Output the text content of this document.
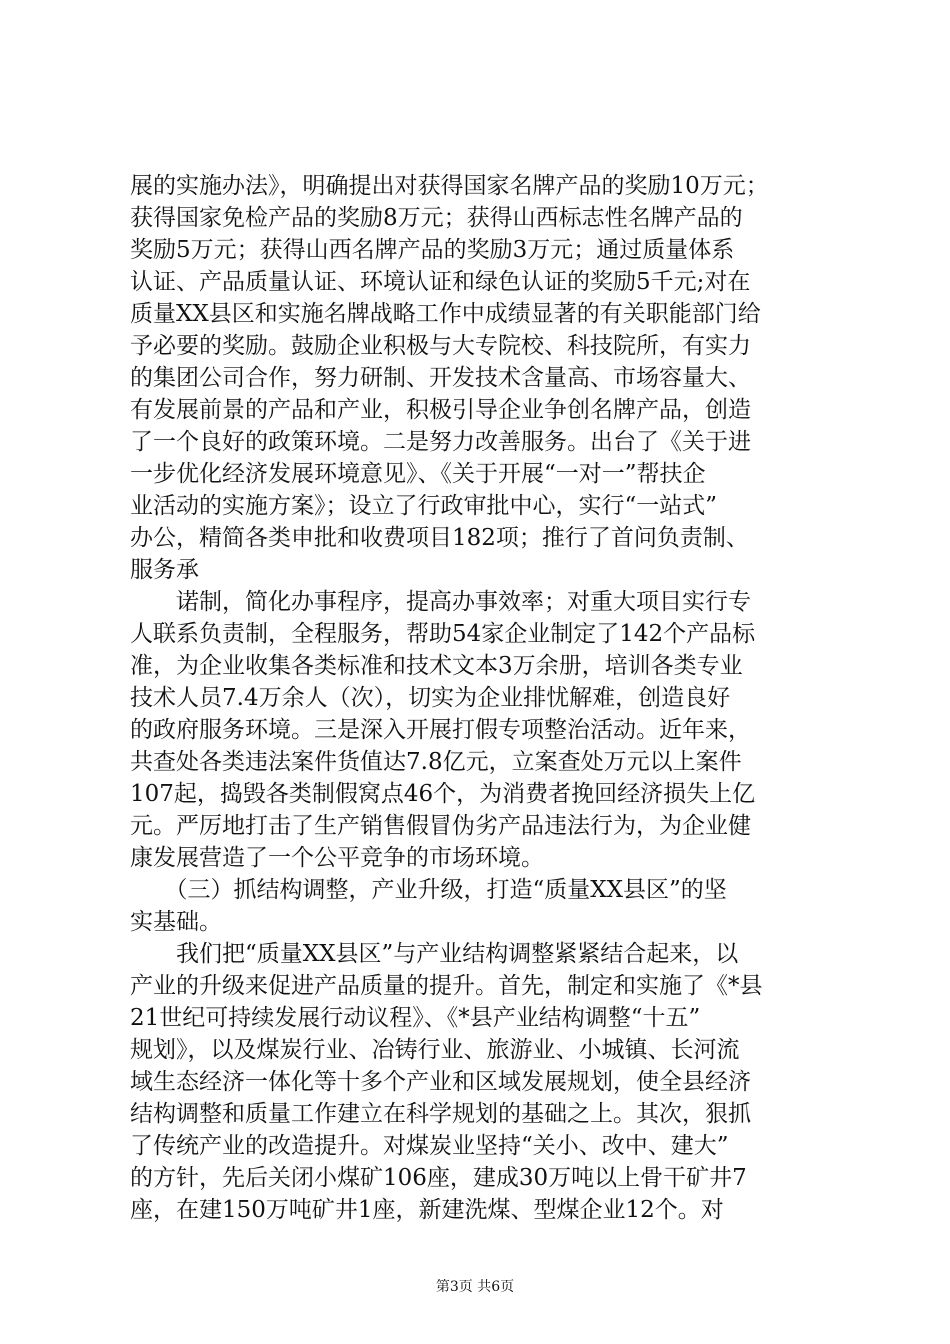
展的实施办法》，明确提出对获得国家名牌产品的奖励10万元；
获得国家免检产品的奖励8万元；获得山西标志性名牌产品的
奖励5万元；获得山西名牌产品的奖励3万元；通过质量体系
认证、产品质量认证、环境认证和绿色认证的奖励5千元;对在
质量XX县区和实施名牌战略工作中成绩显著的有关职能部门给
予必要的奖励。鼓励企业积极与大专院校、科技院所，有实力
的集团公司合作，努力研制、开发技术含量高、市场容量大、
有发展前景的产品和产业，积极引导企业争创名牌产品，创造
了一个良好的政策环境。二是努力改善服务。出台了《关于进
一步优化经济发展环境意见》、《关于开展“一对一”帮扶企
业活动的实施方案》；设立了行政审批中心，实行“一站式”
办公，精简各类申批和收费项目182项；推行了首问负责制、
服务承
　　诺制，简化办事程序，提高办事效率；对重大项目实行专
人联系负责制，全程服务，帮助54家企业制定了142个产品标
准，为企业收集各类标准和技术文本3万余册，培训各类专业
技术人员7.4万余人（次），切实为企业排忧解难，创造良好
的政府服务环境。三是深入开展打假专项整治活动。近年来，
共查处各类违法案件货值达7.8亿元，立案查处万元以上案件
107起，捣毁各类制假窝点46个，为消费者挽回经济损失上亿
元。严厉地打击了生产销售假冒伪劣产品违法行为，为企业健
康发展营造了一个公平竞争的市场环境。
　　（三）抓结构调整，产业升级，打造“质量XX县区”的坚
实基础。
　　我们把“质量XX县区”与产业结构调整紧紧结合起来，以
产业的升级来促进产品质量的提升。首先，制定和实施了《*县
21世纪可持续发展行动议程》、《*县产业结构调整“十五”
规划》，以及煤炭行业、冶铸行业、旅游业、小城镇、长河流
域生态经济一体化等十多个产业和区域发展规划，使全县经济
结构调整和质量工作建立在科学规划的基础之上。其次，狠抓
了传统产业的改造提升。对煤炭业坚持“关小、改中、建大”
的方针，先后关闭小煤矿106座，建成30万吨以上骨干矿井7
座，在建150万吨矿井1座，新建洗煤、型煤企业12个。对
第3页 共6页
